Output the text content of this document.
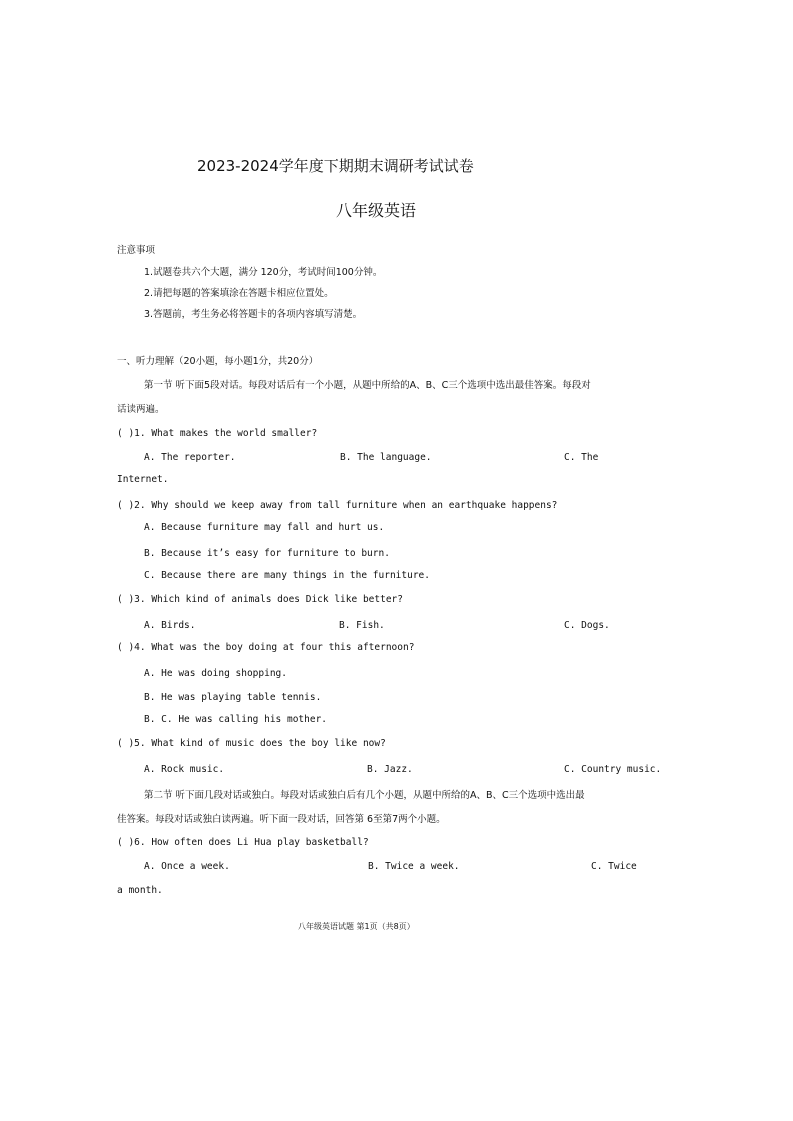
2023-2024学年度下期期末调研考试试卷
八年级英语
注意事项
1.试题卷共六个大题，满分 120分，考试时间100分钟。
2.请把每题的答案填涂在答题卡相应位置处。
3.答题前，考生务必将答题卡的各项内容填写清楚。
一、听力理解（20小题，每小题1分，共20分）
第一节 听下面5段对话。每段对话后有一个小题，从题中所给的A、B、C三个选项中选出最佳答案。每段对
话读两遍。
( )1. What makes the world smaller?
A. The reporter.	B. The language.	C. The
Internet.
( )2. Why should we keep away from tall furniture when an earthquake happens?
A. Because furniture may fall and hurt us.
B. Because it’s easy for furniture to burn.
C. Because there are many things in the furniture.
( )3. Which kind of animals does Dick like better?
A. Birds.	B. Fish.	C. Dogs.
( )4. What was the boy doing at four this afternoon?
A. He was doing shopping.
B. He was playing table tennis.
B. C. He was calling his mother.
( )5. What kind of music does the boy like now?
A. Rock music.	B. Jazz.	C. Country music.
第二节 听下面几段对话或独白。每段对话或独白后有几个小题，从题中所给的A、B、C三个选项中选出最
佳答案。每段对话或独白读两遍。听下面一段对话，回答第 6至第7两个小题。
( )6. How often does Li Hua play basketball?
A. Once a week.	B. Twice a week.	C. Twice
a month.
八年级英语试题 第1页（共8页）
